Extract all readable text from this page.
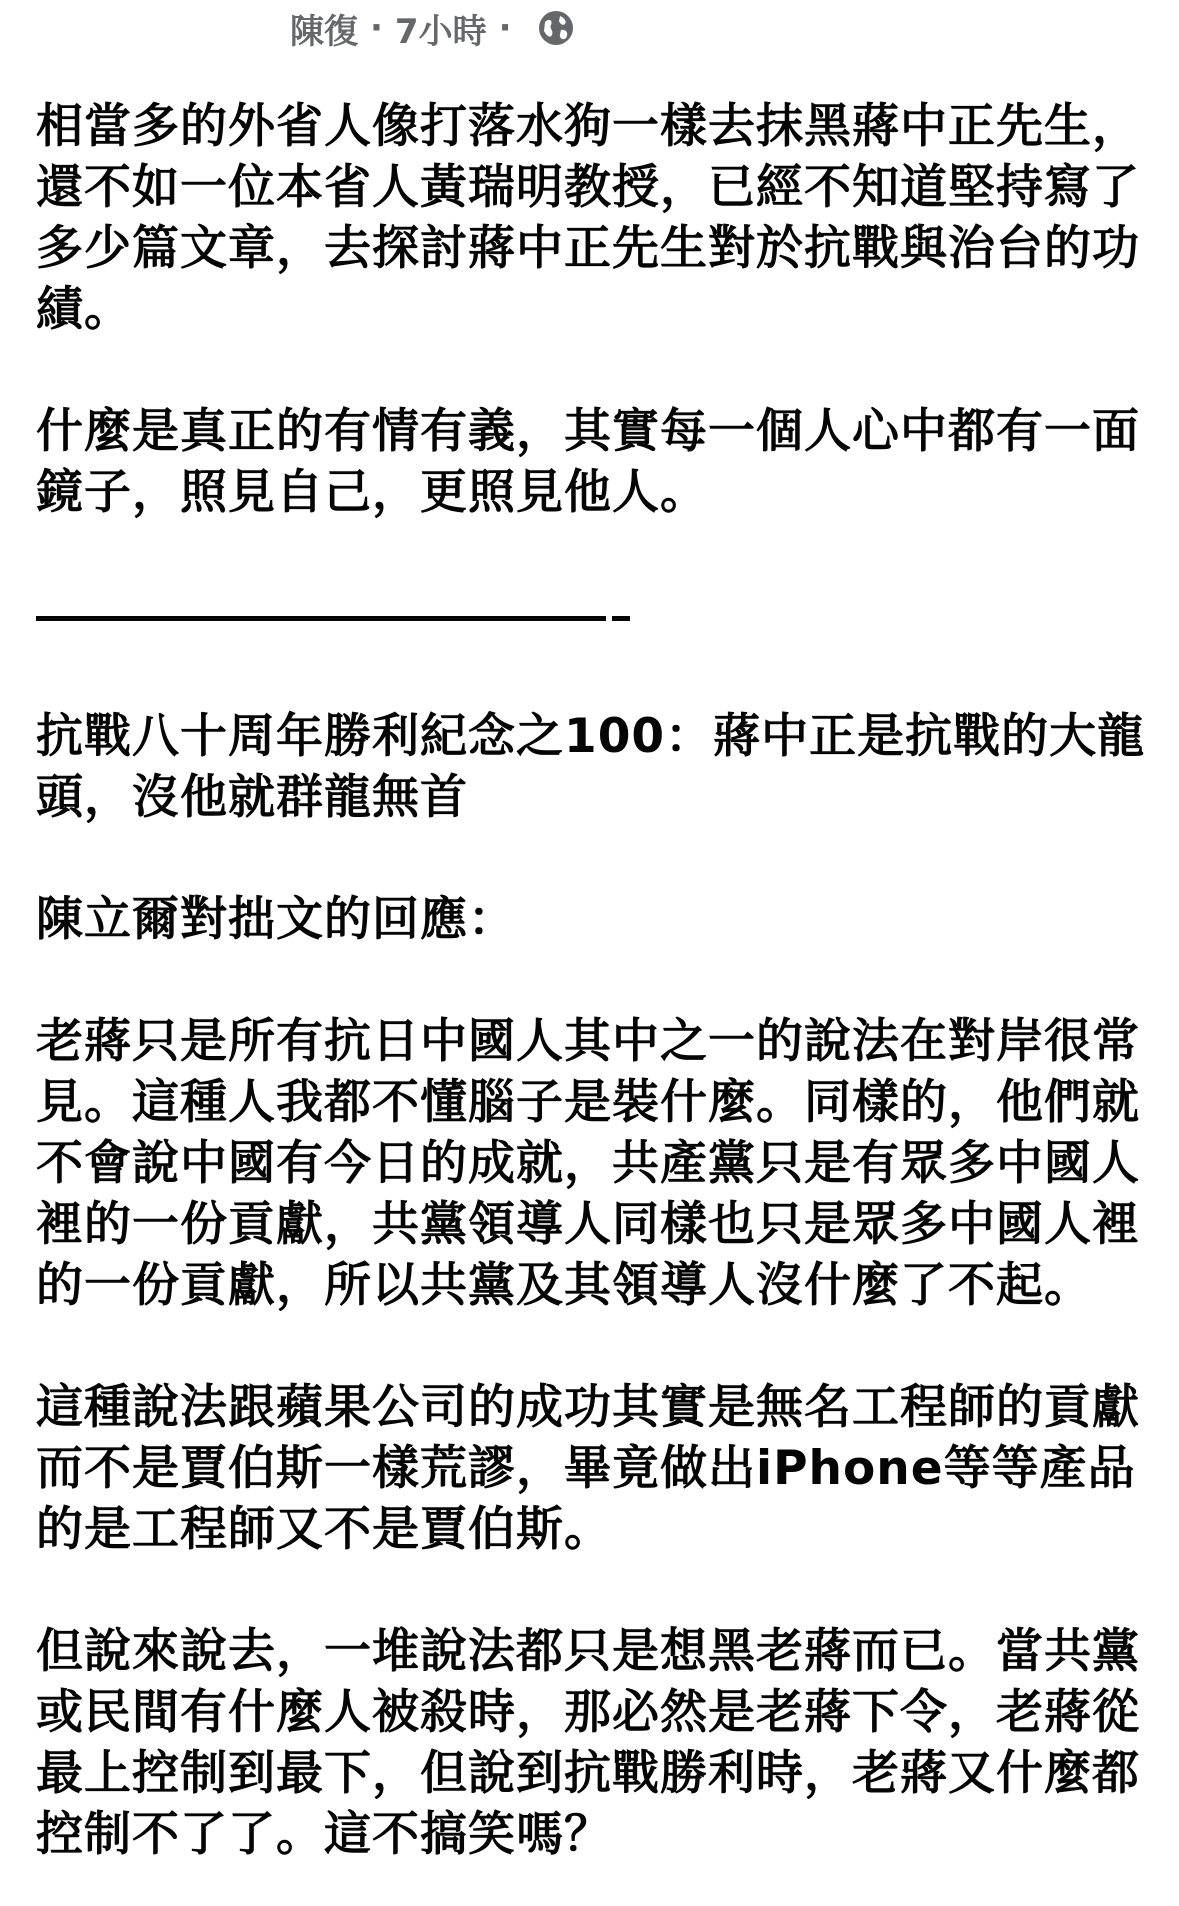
陳復 · 7小時 ·

相當多的外省人像打落水狗一樣去抹黑蔣中正先生，還不如一位本省人黃瑞明教授，已經不知道堅持寫了多少篇文章，去探討蔣中正先生對於抗戰與治台的功績。

什麼是真正的有情有義，其實每一個人心中都有一面鏡子，照見自己，更照見他人。

抗戰八十周年勝利紀念之100：蔣中正是抗戰的大龍頭，沒他就群龍無首

陳立爾對拙文的回應：

老蔣只是所有抗日中國人其中之一的說法在對岸很常見。這種人我都不懂腦子是裝什麼。同樣的，他們就不會說中國有今日的成就，共產黨只是有眾多中國人裡的一份貢獻，共黨領導人同樣也只是眾多中國人裡的一份貢獻，所以共黨及其領導人沒什麼了不起。

這種說法跟蘋果公司的成功其實是無名工程師的貢獻而不是賈伯斯一樣荒謬，畢竟做出iPhone等等產品的是工程師又不是賈伯斯。

但說來說去，一堆說法都只是想黑老蔣而已。當共黨或民間有什麼人被殺時，那必然是老蔣下令，老蔣從最上控制到最下，但說到抗戰勝利時，老蔣又什麼都控制不了了。這不搞笑嗎？
